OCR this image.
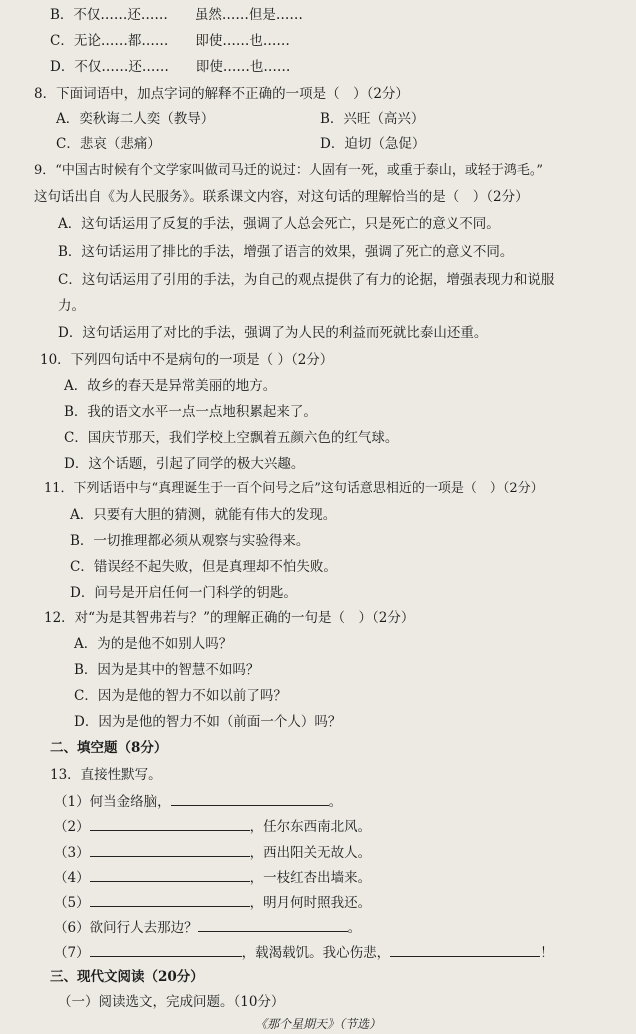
B．不仅……还……　　虽然……但是……
C．无论……都……　　即使……也……
D．不仅……还……　　即使……也……
8．下面词语中，加点字词的解释不正确的一项是（　）（2分）
A．奕秋诲二人奕（教导）	B．兴旺（高兴）
C．悲哀（悲痛）	D．迫切（急促）
9．“中国古时候有个文学家叫做司马迁的说过：人固有一死，或重于泰山，或轻于鸿毛。”
这句话出自《为人民服务》。联系课文内容，对这句话的理解恰当的是（　）（2分）
A．这句话运用了反复的手法，强调了人总会死亡，只是死亡的意义不同。
B．这句话运用了排比的手法，增强了语言的效果，强调了死亡的意义不同。
C．这句话运用了引用的手法，为自己的观点提供了有力的论据，增强表现力和说服
力。
D．这句话运用了对比的手法，强调了为人民的利益而死就比泰山还重。
10．下列四句话中不是病句的一项是（ ）（2分）
A．故乡的春天是异常美丽的地方。
B．我的语文水平一点一点地积累起来了。
C．国庆节那天，我们学校上空飘着五颜六色的红气球。
D．这个话题，引起了同学的极大兴趣。
11．下列话语中与“真理诞生于一百个问号之后”这句话意思相近的一项是（　）（2分）
A．只要有大胆的猜测，就能有伟大的发现。
B．一切推理都必须从观察与实验得来。
C．错误经不起失败，但是真理却不怕失败。
D．问号是开启任何一门科学的钥匙。
12．对“为是其智弗若与？”的理解正确的一句是（　）（2分）
A．为的是他不如别人吗？
B．因为是其中的智慧不如吗？
C．因为是他的智力不如以前了吗？
D．因为是他的智力不如（前面一个人）吗？
二、填空题（8分）
13．直接性默写。
（1）何当金络脑，	。
（2）	，任尔东西南北风。
（3）	，西出阳关无故人。
（4）	，一枝红杏出墙来。
（5）	，明月何时照我还。
（6）欲问行人去那边？	。
（7）	，载渴载饥。我心伤悲，	！
三、现代文阅读（20分）
（一）阅读选文，完成问题。（10分）
《那个星期天》（节选）
